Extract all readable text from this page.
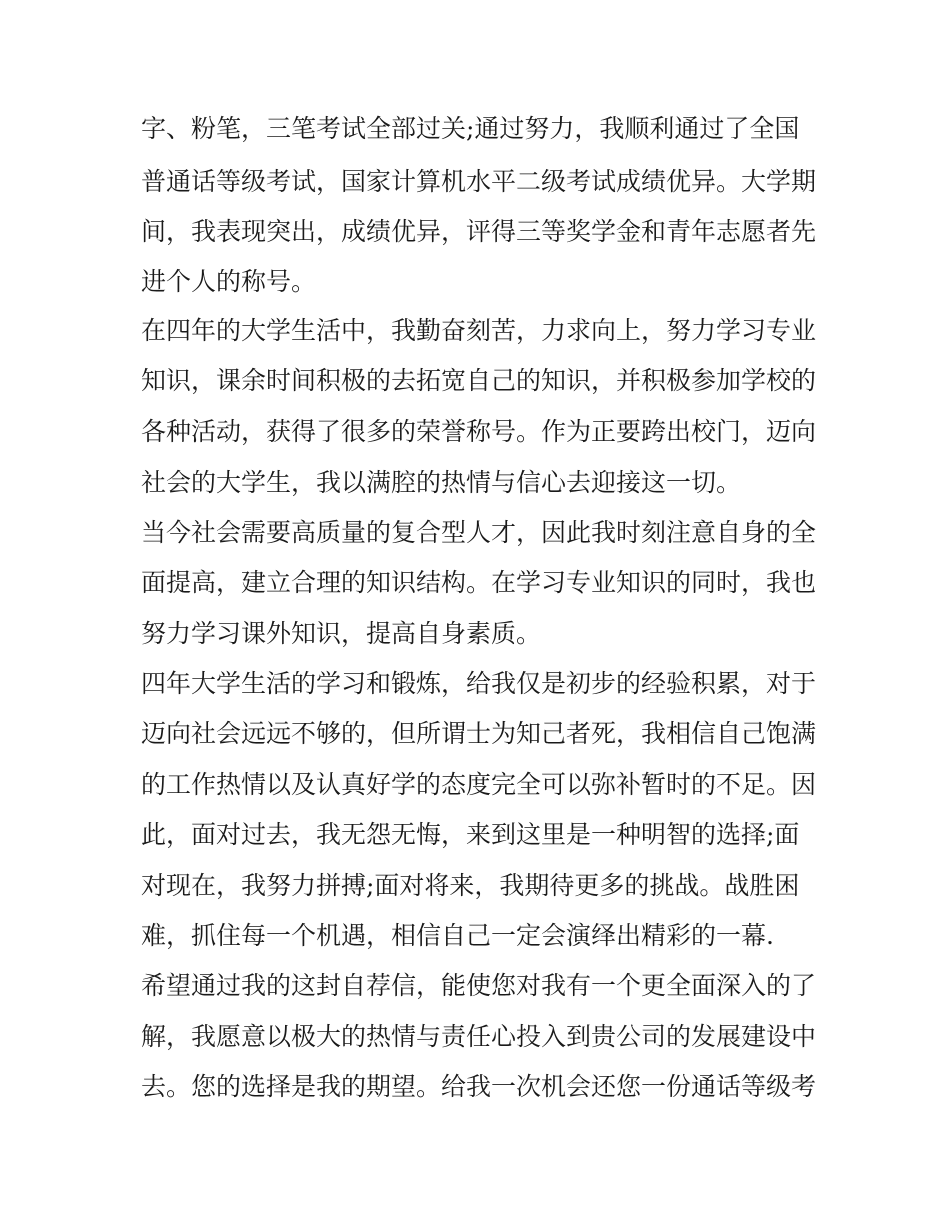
字、粉笔，三笔考试全部过关;通过努力，我顺利通过了全国
普通话等级考试，国家计算机水平二级考试成绩优异。大学期
间，我表现突出，成绩优异，评得三等奖学金和青年志愿者先
进个人的称号。
在四年的大学生活中，我勤奋刻苦，力求向上，努力学习专业
知识，课余时间积极的去拓宽自己的知识，并积极参加学校的
各种活动，获得了很多的荣誉称号。作为正要跨出校门，迈向
社会的大学生，我以满腔的热情与信心去迎接这一切。
当今社会需要高质量的复合型人才，因此我时刻注意自身的全
面提高，建立合理的知识结构。在学习专业知识的同时，我也
努力学习课外知识，提高自身素质。
四年大学生活的学习和锻炼，给我仅是初步的经验积累，对于
迈向社会远远不够的，但所谓士为知己者死，我相信自己饱满
的工作热情以及认真好学的态度完全可以弥补暂时的不足。因
此，面对过去，我无怨无悔，来到这里是一种明智的选择;面
对现在，我努力拼搏;面对将来，我期待更多的挑战。战胜困
难，抓住每一个机遇，相信自己一定会演绎出精彩的一幕.
希望通过我的这封自荐信，能使您对我有一个更全面深入的了
解，我愿意以极大的热情与责任心投入到贵公司的发展建设中
去。您的选择是我的期望。给我一次机会还您一份通话等级考
